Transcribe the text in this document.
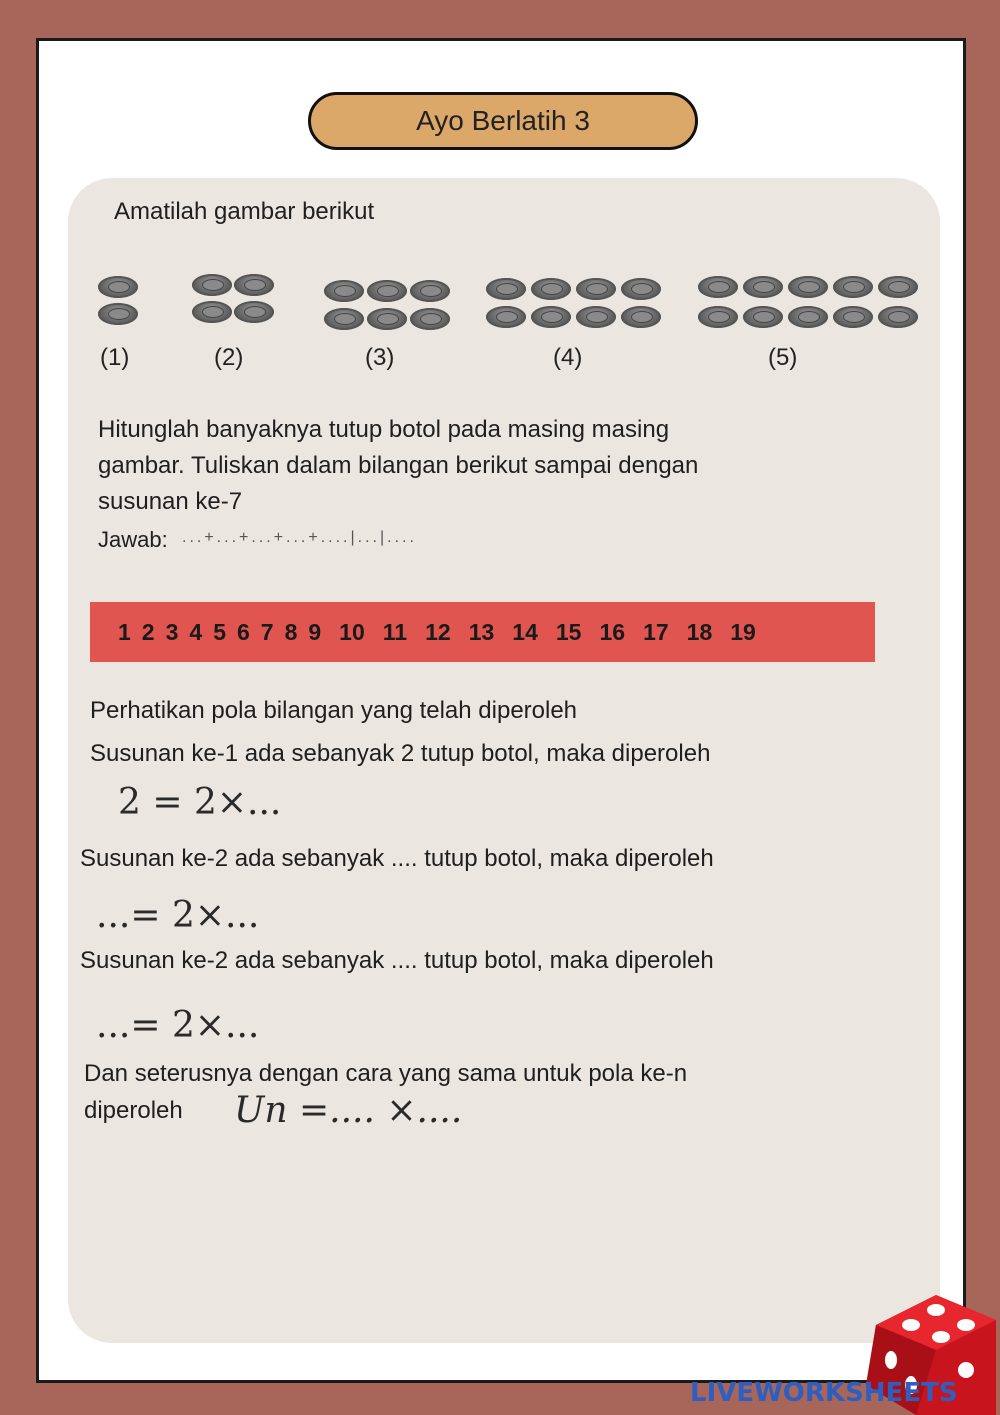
Ayo Berlatih 3
Amatilah gambar berikut
(1)	(2)	(3)	(4)	(5)
Hitunglah banyaknya tutup botol pada masing masing
gambar. Tuliskan dalam bilangan berikut sampai dengan
susunan ke-7
Jawab: ...+...+...+...+....|...|....
1 2 3 4 5 6 7 8 9 10 11 12 13 14 15 16 17 18 19
Perhatikan pola bilangan yang telah diperoleh
Susunan ke-1 ada sebanyak 2 tutup botol, maka diperoleh
2 = 2×...
Susunan ke-2 ada sebanyak .... tutup botol, maka diperoleh
...= 2×...
Susunan ke-2 ada sebanyak .... tutup botol, maka diperoleh
...= 2×...
Dan seterusnya dengan cara yang sama untuk pola ke-n
diperoleh Un =.... ×....
LIVEWORKSHEETS
